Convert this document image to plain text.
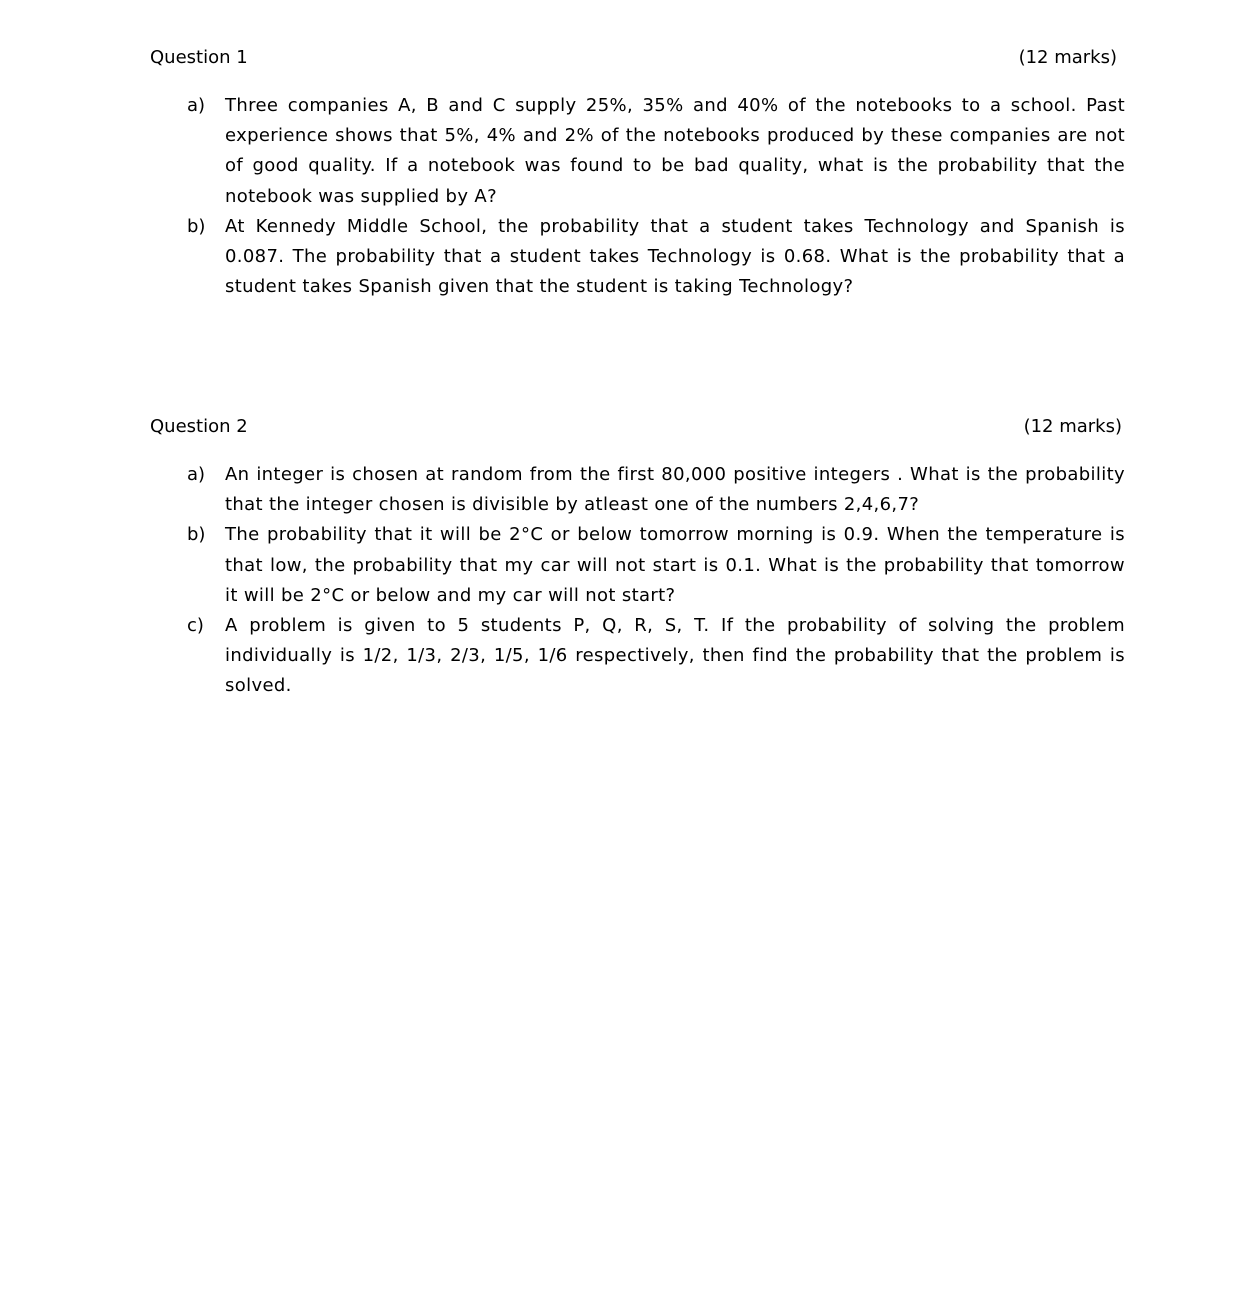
Question 1	(12 marks)
a) Three companies A, B and C supply 25%, 35% and 40% of the notebooks to a school. Past experience shows that 5%, 4% and 2% of the notebooks produced by these companies are not of good quality. If a notebook was found to be bad quality, what is the probability that the notebook was supplied by A?
b) At Kennedy Middle School, the probability that a student takes Technology and Spanish is 0.087. The probability that a student takes Technology is 0.68. What is the probability that a student takes Spanish given that the student is taking Technology?
Question 2	(12 marks)
a) An integer is chosen at random from the first 80,000 positive integers . What is the probability that the integer chosen is divisible by atleast one of the numbers 2,4,6,7?
b) The probability that it will be 2°C or below tomorrow morning is 0.9. When the temperature is that low, the probability that my car will not start is 0.1. What is the probability that tomorrow it will be 2°C or below and my car will not start?
c) A problem is given to 5 students P, Q, R, S, T. If the probability of solving the problem individually is 1/2, 1/3, 2/3, 1/5, 1/6 respectively, then find the probability that the problem is solved.
